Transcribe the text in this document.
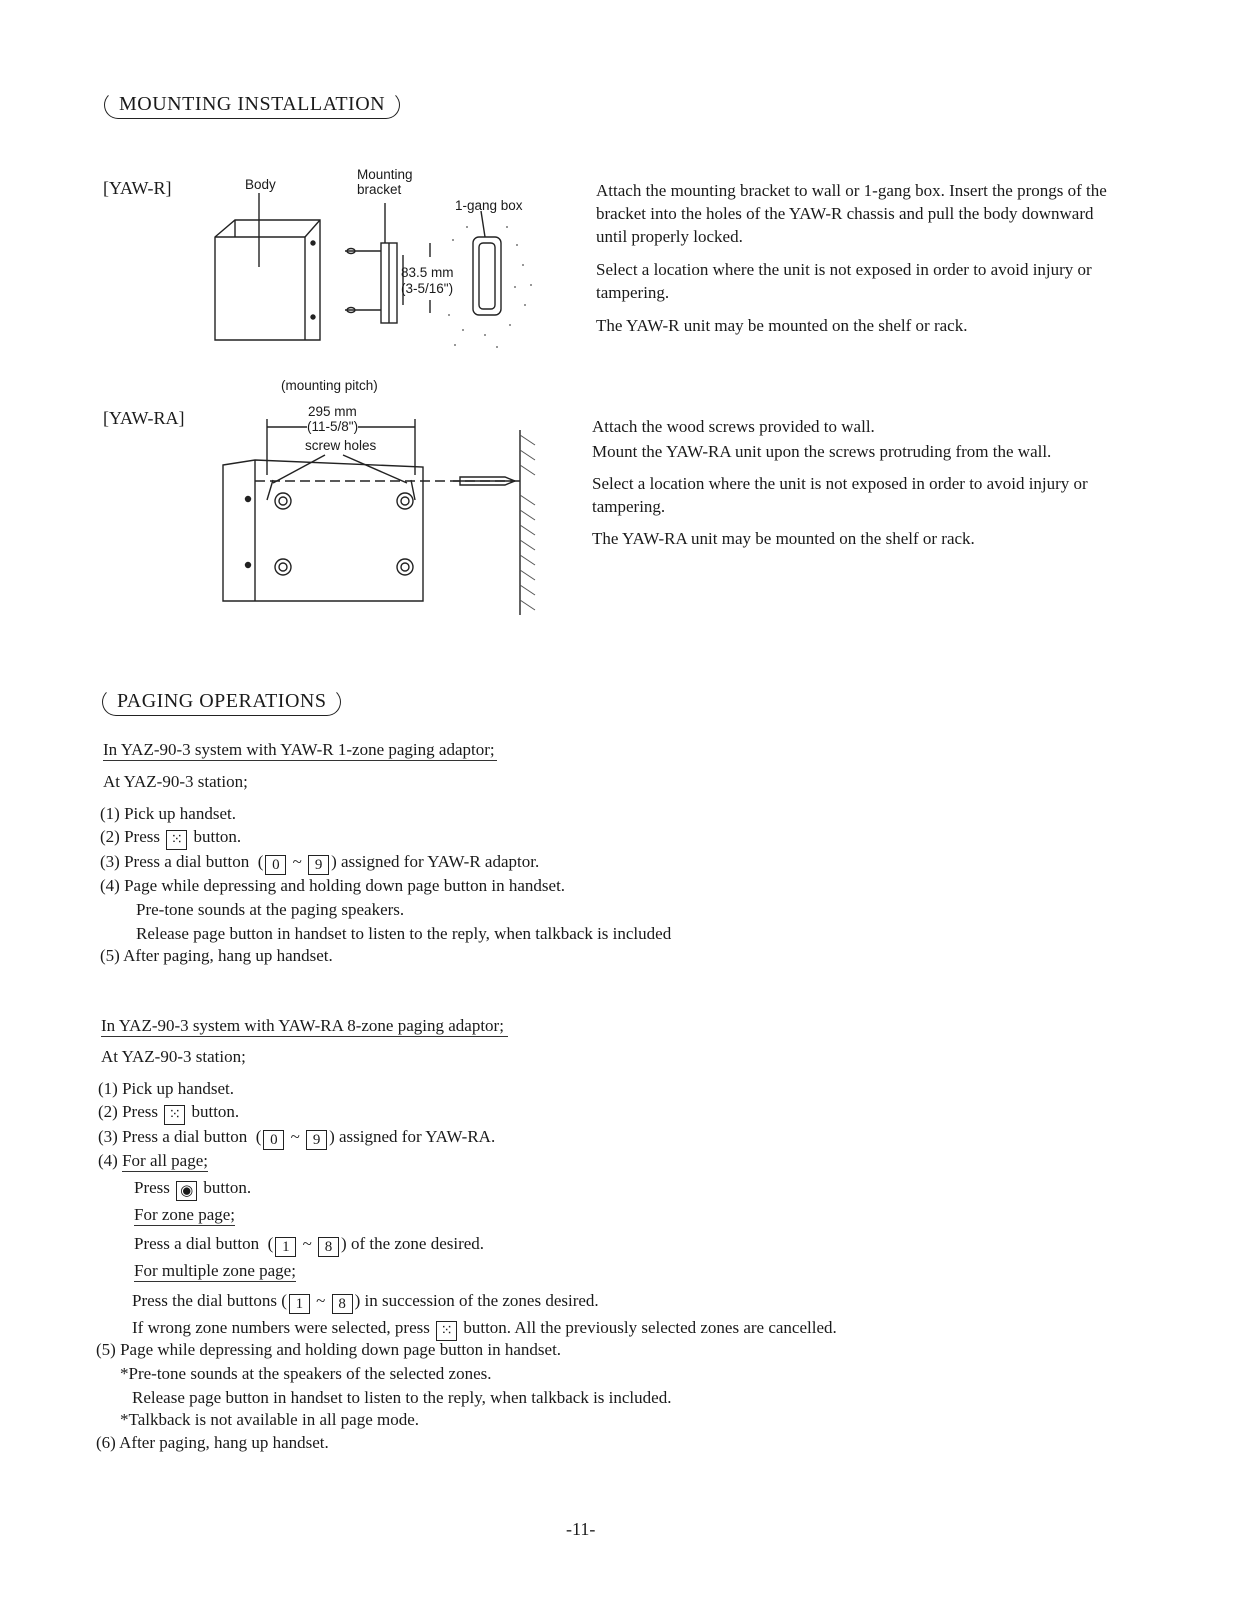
MOUNTING INSTALLATION
[YAW-R]	Body
Mounting
bracket
1-gang box
83.5 mm
(3-5/16")

Attach the mounting bracket to wall or 1-gang box. Insert the prongs of the bracket into the holes of the YAW-R chassis and pull the body downward until properly locked.

Select a location where the unit is not exposed in order to avoid injury or tampering.

The YAW-R unit may be mounted on the shelf or rack.

[YAW-RA]
(mounting pitch)
295 mm
(11-5/8")
screw holes

Attach the wood screws provided to wall.

Mount the YAW-RA unit upon the screws protruding from the wall.

Select a location where the unit is not exposed in order to avoid injury or tampering.

The YAW-RA unit may be mounted on the shelf or rack.

PAGING OPERATIONS
In YAZ-90-3 system with YAW-R 1-zone paging adaptor;
At YAZ-90-3 station;
(1) Pick up handset.
(2) Press ⁙ button.
(3) Press a dial button ( 0 ~ 9 ) assigned for YAW-R adaptor.
(4) Page while depressing and holding down page button in handset.
Pre-tone sounds at the paging speakers.
Release page button in handset to listen to the reply, when talkback is included
(5) After paging, hang up handset.
In YAZ-90-3 system with YAW-RA 8-zone paging adaptor;
At YAZ-90-3 station;
(1) Pick up handset.
(2) Press ⁙ button.
(3) Press a dial button ( 0 ~ 9 ) assigned for YAW-RA.
(4) For all page;
Press ◉ button.
For zone page;
Press a dial button ( 1 ~ 8 ) of the zone desired.
For multiple zone page;
Press the dial buttons ( 1 ~ 8 ) in succession of the zones desired.
If wrong zone numbers were selected, press ⁙ button. All the previously selected zones are cancelled.
(5) Page while depressing and holding down page button in handset.
*Pre-tone sounds at the speakers of the selected zones.
Release page button in handset to listen to the reply, when talkback is included.
*Talkback is not available in all page mode.
(6) After paging, hang up handset.
-11-
